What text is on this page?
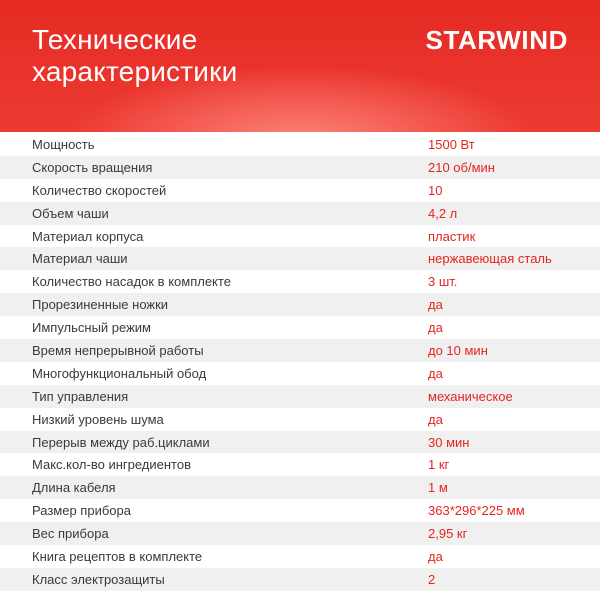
Технические
характеристики
STARWIND
Мощность	1500 Вт
Скорость вращения	210 об/мин
Количество скоростей	10
Объем чаши	4,2 л
Материал корпуса	пластик
Материал чаши	нержавеющая сталь
Количество насадок в комплекте	3 шт.
Прорезиненные ножки	да
Импульсный режим	да
Время непрерывной работы	до 10 мин
Многофункциональный обод	да
Тип управления	механическое
Низкий уровень шума	да
Перерыв между раб.циклами	30 мин
Макс.кол-во ингредиентов	1 кг
Длина кабеля	1 м
Размер прибора	363*296*225 мм
Вес прибора	2,95 кг
Книга рецептов в комплекте	да
Класс электрозащиты	2
